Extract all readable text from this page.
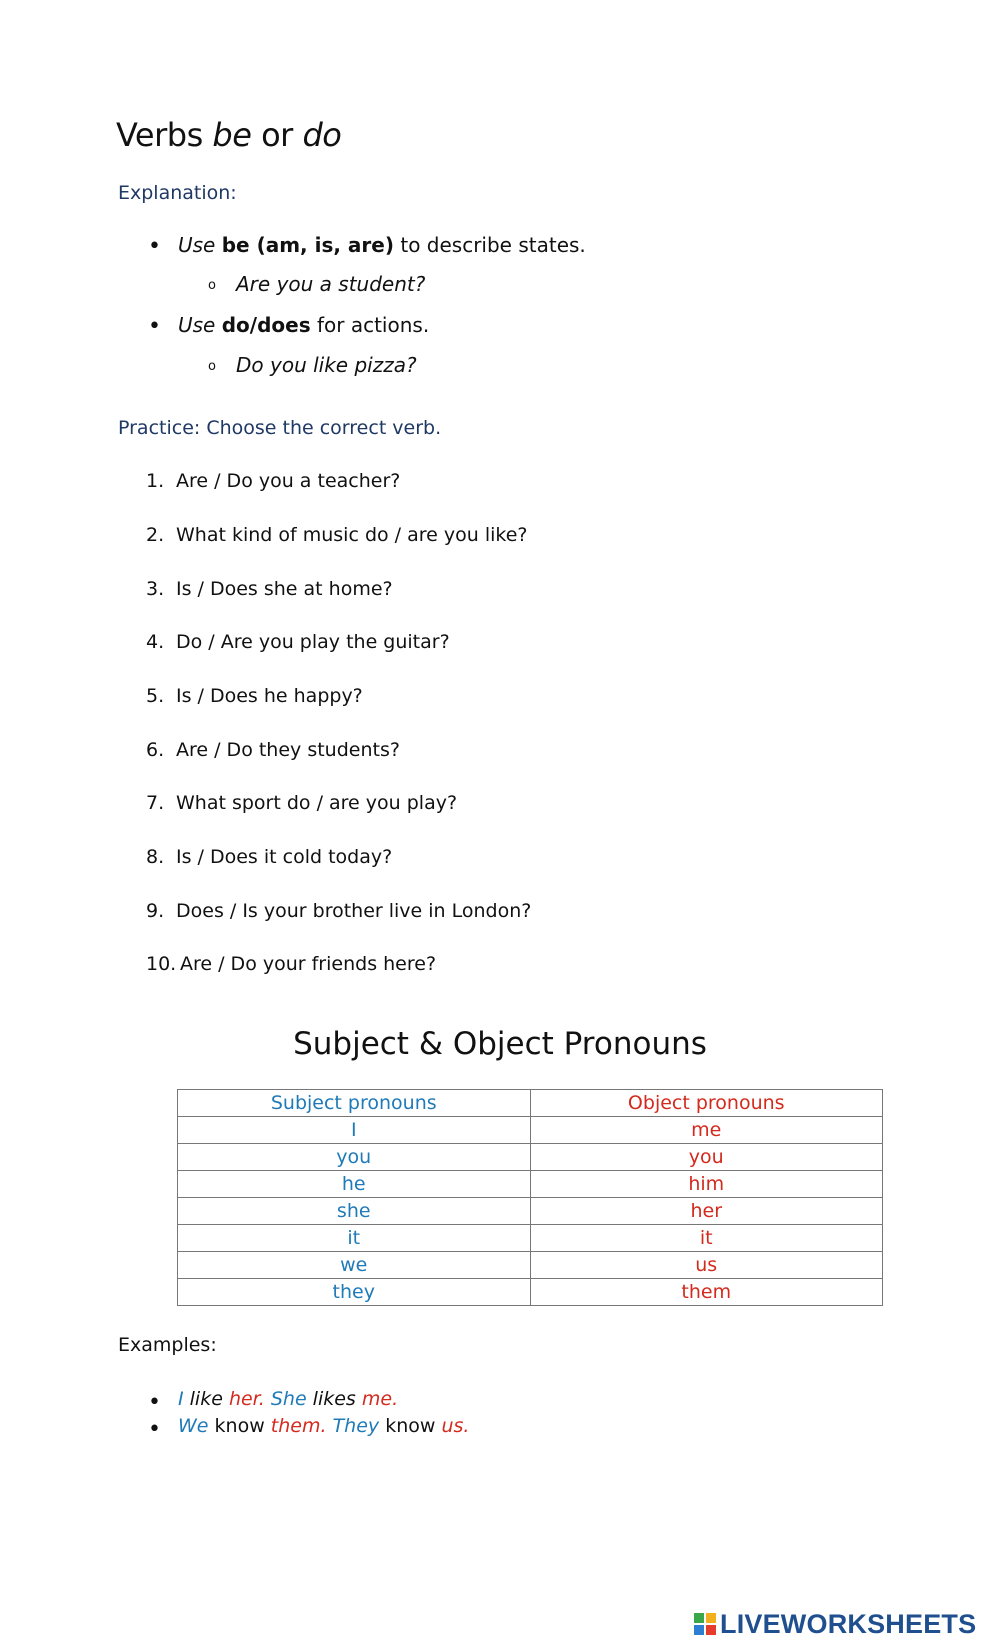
Verbs be or do
Explanation:
• Use be (am, is, are) to describe states.
o Are you a student?
• Use do/does for actions.
o Do you like pizza?
Practice: Choose the correct verb.
1. Are / Do you a teacher?
2. What kind of music do / are you like?
3. Is / Does she at home?
4. Do / Are you play the guitar?
5. Is / Does he happy?
6. Are / Do they students?
7. What sport do / are you play?
8. Is / Does it cold today?
9. Does / Is your brother live in London?
10. Are / Do your friends here?
Subject & Object Pronouns
Subject pronouns	Object pronouns
I	me
you	you
he	him
she	her
it	it
we	us
they	them
Examples:
• I like her. She likes me.
• We know them. They know us.
LIVEWORKSHEETS
